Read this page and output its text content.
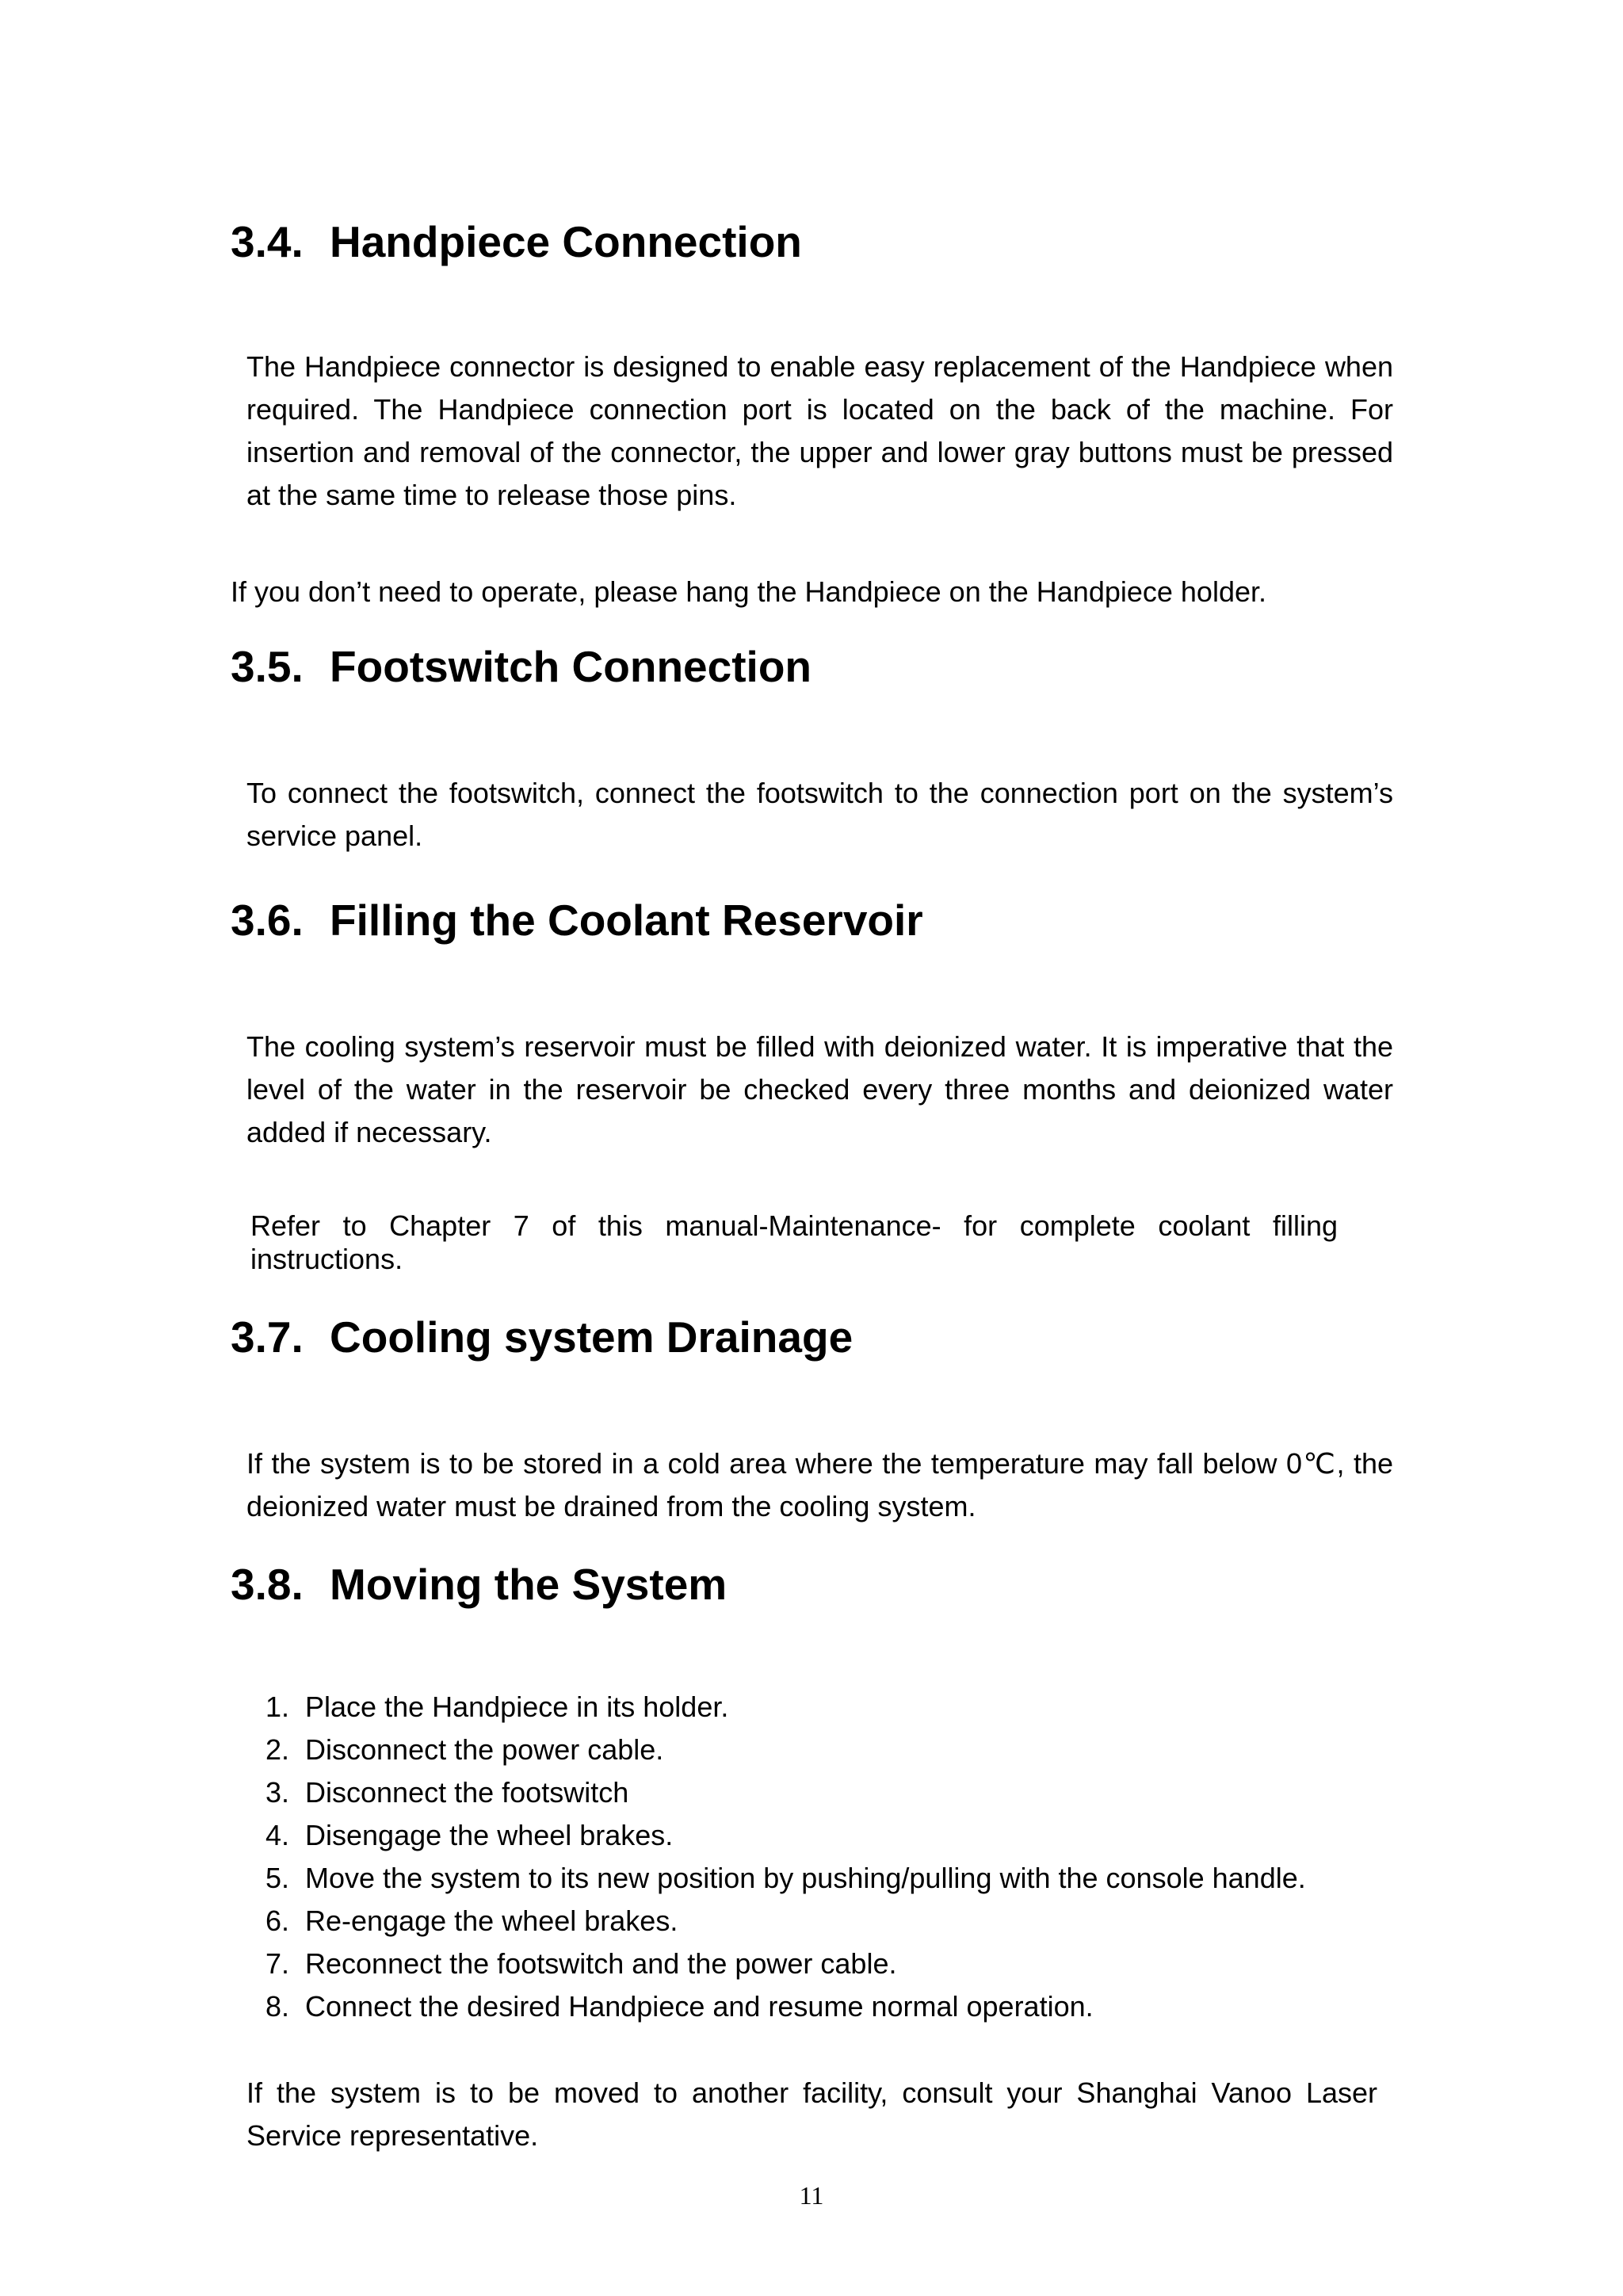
3.4. Handpiece Connection

The Handpiece connector is designed to enable easy replacement of the Handpiece when required. The Handpiece connection port is located on the back of the machine. For insertion and removal of the connector, the upper and lower gray buttons must be pressed at the same time to release those pins.

If you don’t need to operate, please hang the Handpiece on the Handpiece holder.

3.5. Footswitch Connection

To connect the footswitch, connect the footswitch to the connection port on the system’s service panel.

3.6. Filling the Coolant Reservoir

The cooling system’s reservoir must be filled with deionized water. It is imperative that the level of the water in the reservoir be checked every three months and deionized water added if necessary.

Refer to Chapter 7 of this manual-Maintenance- for complete coolant filling
instructions.
3.7. Cooling system Drainage

If the system is to be stored in a cold area where the temperature may fall below 0℃, the deionized water must be drained from the cooling system.

3.8. Moving the System
1. Place the Handpiece in its holder.
2. Disconnect the power cable.
3. Disconnect the footswitch
4. Disengage the wheel brakes.
5. Move the system to its new position by pushing/pulling with the console handle.
6. Re-engage the wheel brakes.
7. Reconnect the footswitch and the power cable.
8. Connect the desired Handpiece and resume normal operation.

If the system is to be moved to another facility, consult your Shanghai Vanoo Laser Service representative.

11
